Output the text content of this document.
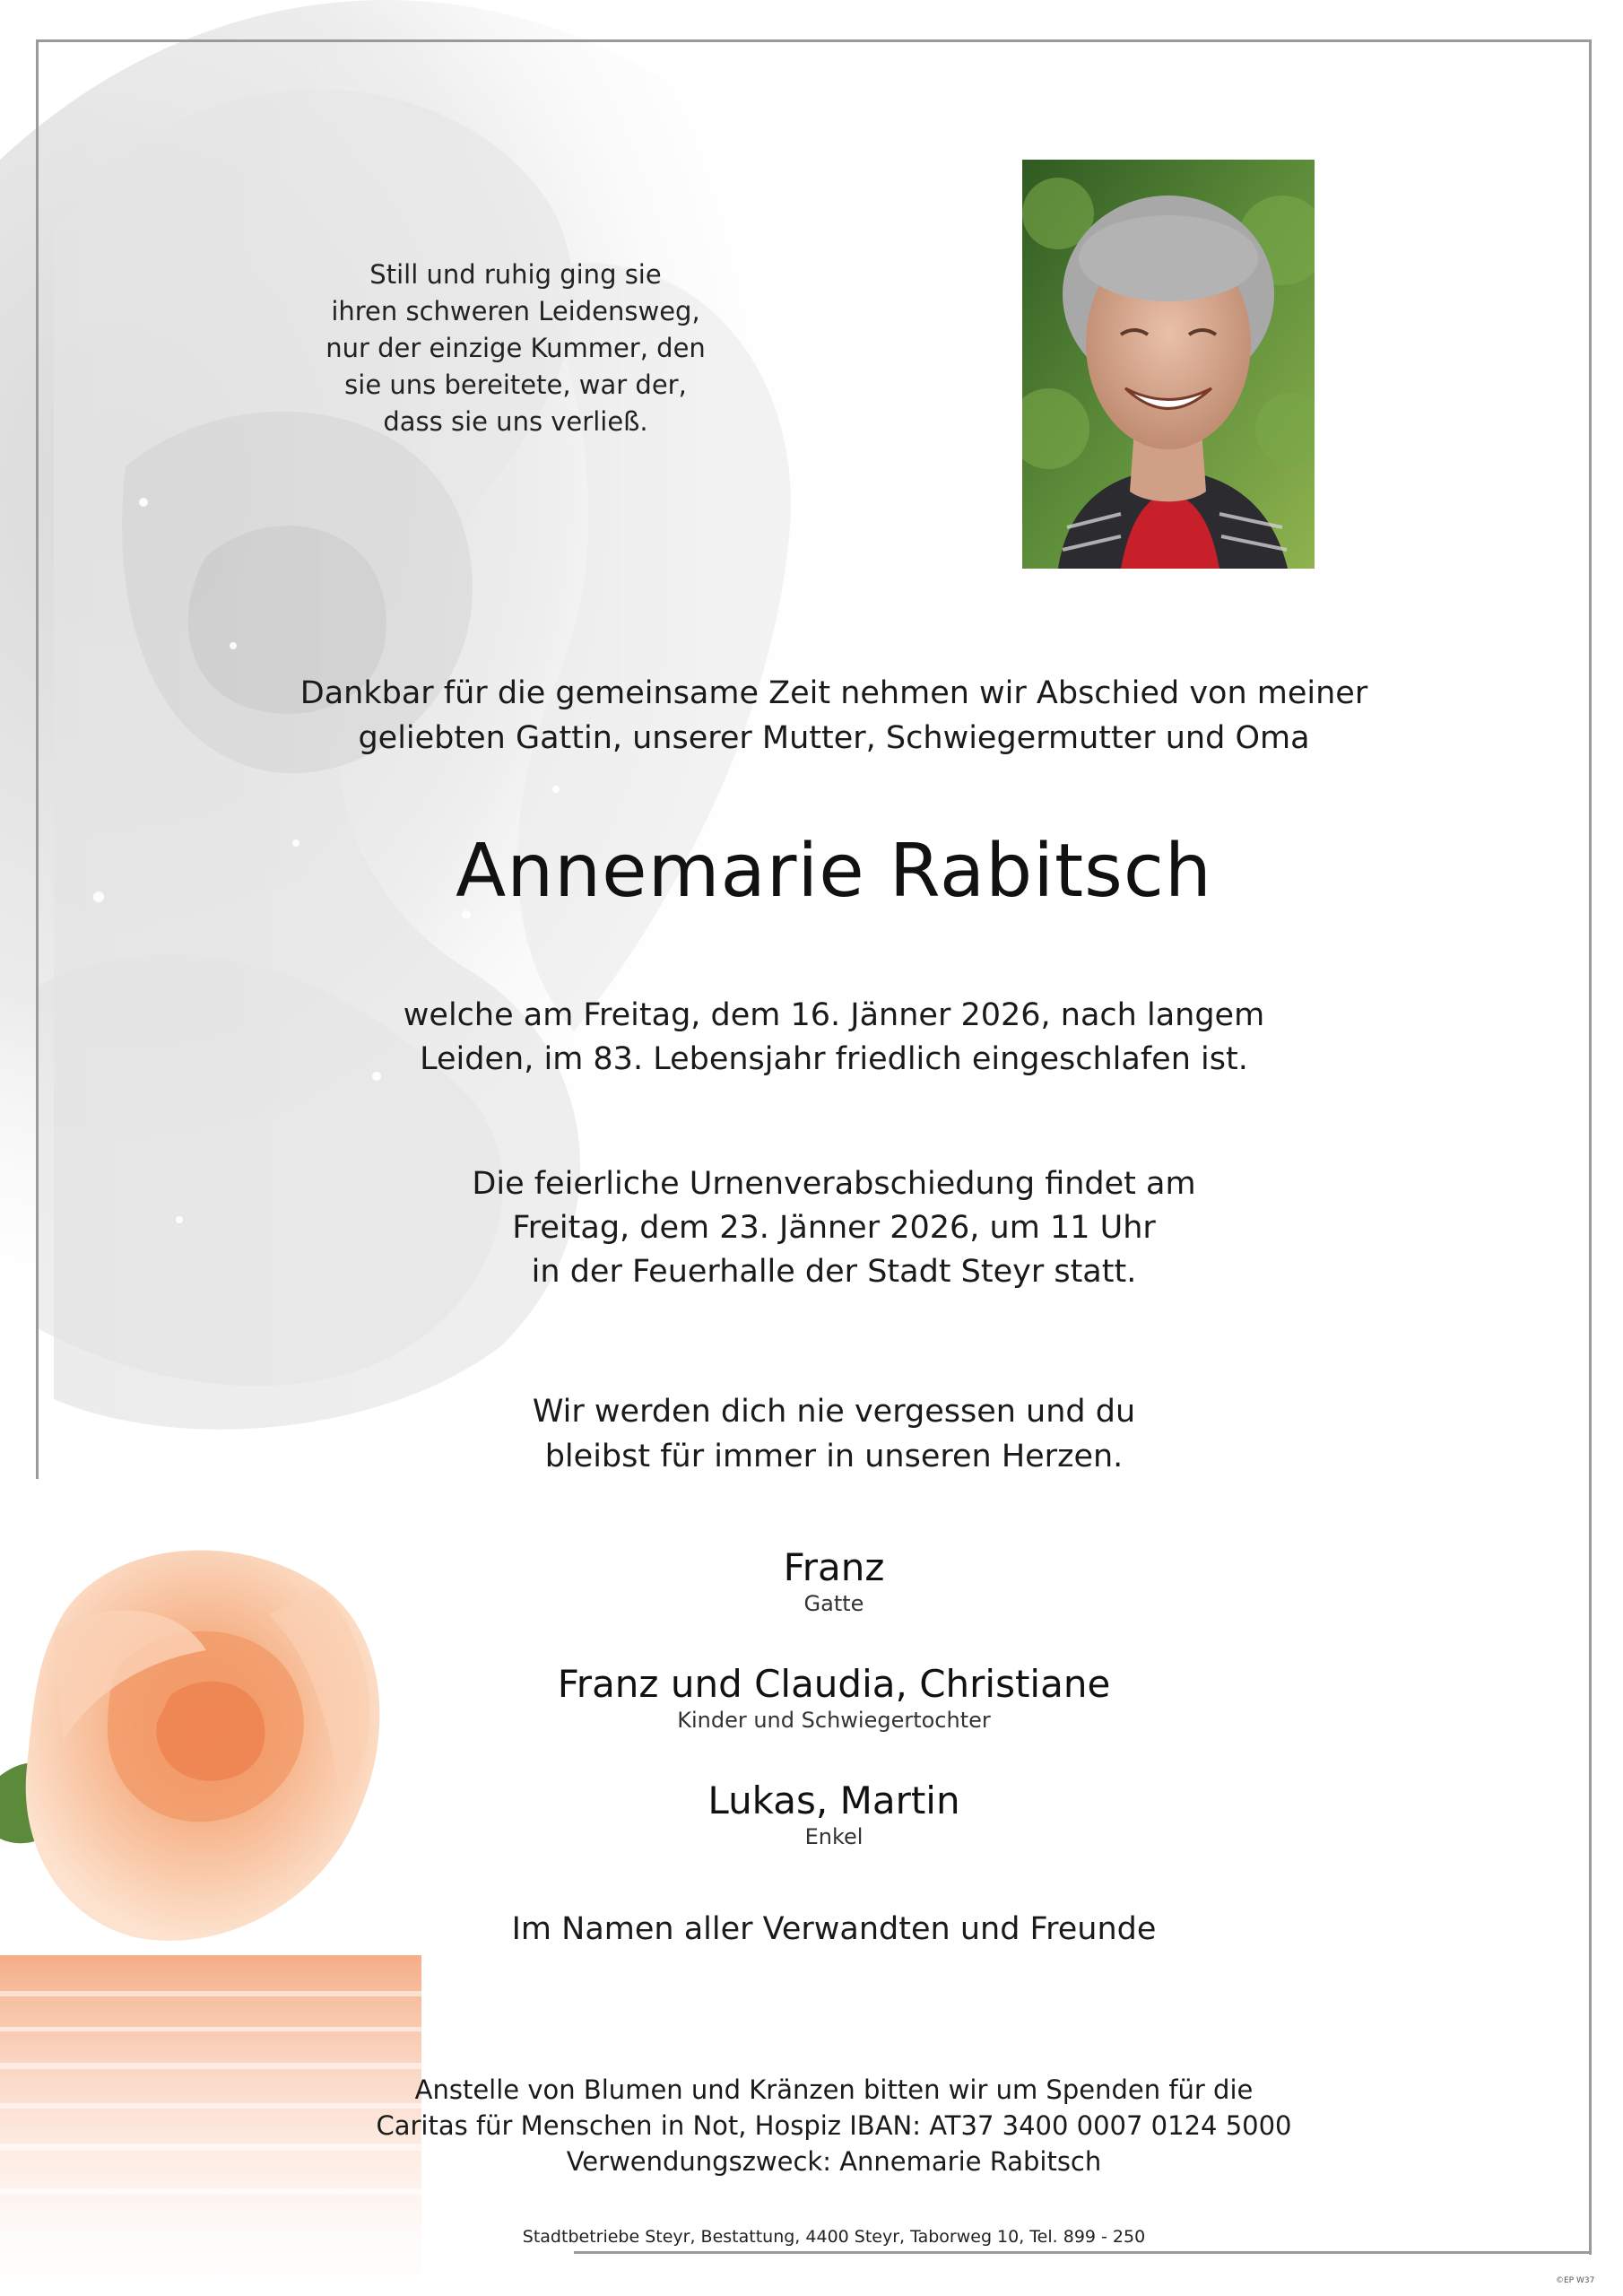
Still und ruhig ging sie
ihren schweren Leidensweg,
nur der einzige Kummer, den
sie uns bereitete, war der,
dass sie uns verließ.
Dankbar für die gemeinsame Zeit nehmen wir Abschied von meiner
geliebten Gattin, unserer Mutter, Schwiegermutter und Oma
Annemarie Rabitsch
welche am Freitag, dem 16. Jänner 2026, nach langem
Leiden, im 83. Lebensjahr friedlich eingeschlafen ist.
Die feierliche Urnenverabschiedung findet am
Freitag, dem 23. Jänner 2026, um 11 Uhr
in der Feuerhalle der Stadt Steyr statt.
Wir werden dich nie vergessen und du
bleibst für immer in unseren Herzen.
Franz
Gatte
Franz und Claudia, Christiane
Kinder und Schwiegertochter
Lukas, Martin
Enkel
Im Namen aller Verwandten und Freunde
Anstelle von Blumen und Kränzen bitten wir um Spenden für die
Caritas für Menschen in Not, Hospiz IBAN: AT37 3400 0007 0124 5000
Verwendungszweck: Annemarie Rabitsch
Stadtbetriebe Steyr, Bestattung, 4400 Steyr, Taborweg 10, Tel. 899 - 250
©EP W37
